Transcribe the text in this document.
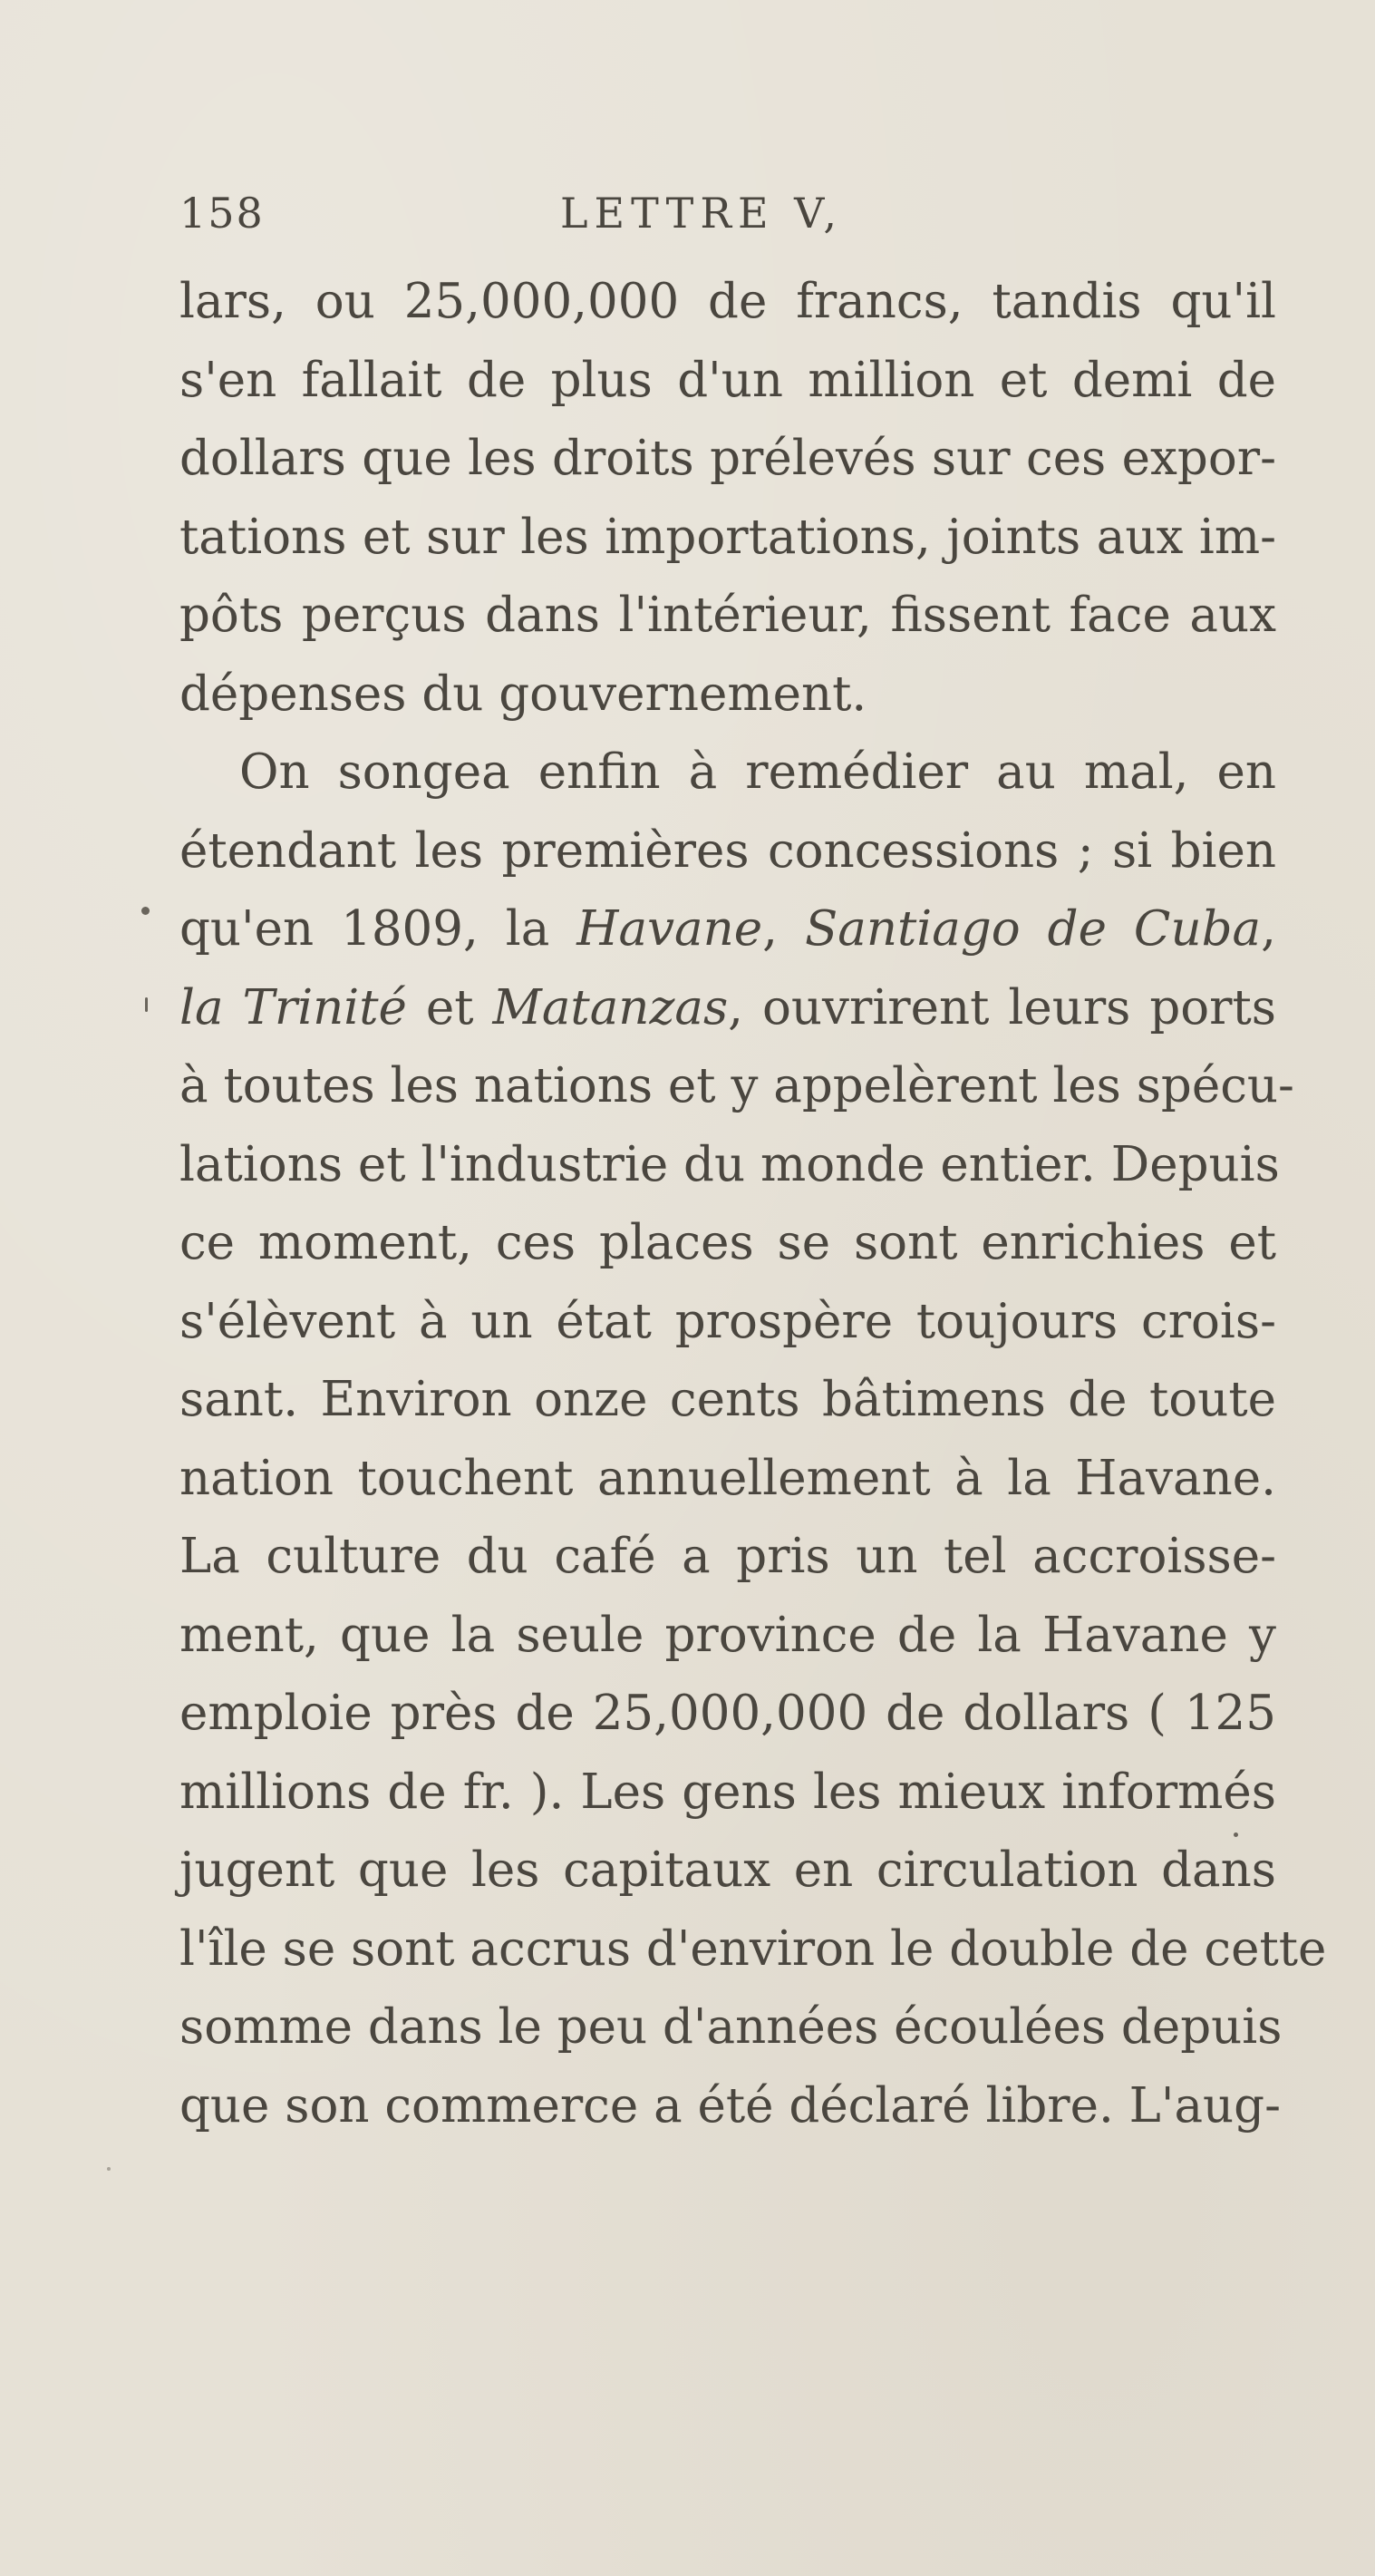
158	LETTRE V,
lars, ou 25,000,000 de francs, tandis qu'il
s'en fallait de plus d'un million et demi de
dollars que les droits prélevés sur ces expor-
tations et sur les importations, joints aux im-
pôts perçus dans l'intérieur, fissent face aux
dépenses du gouvernement.
On songea enfin à remédier au mal, en
étendant les premières concessions ; si bien
qu'en 1809, la Havane, Santiago de Cuba,
la Trinité et Matanzas, ouvrirent leurs ports
à toutes les nations et y appelèrent les spécu-
lations et l'industrie du monde entier. Depuis
ce moment, ces places se sont enrichies et
s'élèvent à un état prospère toujours crois-
sant. Environ onze cents bâtimens de toute
nation touchent annuellement à la Havane.
La culture du café a pris un tel accroisse-
ment, que la seule province de la Havane y
emploie près de 25,000,000 de dollars ( 125
millions de fr. ). Les gens les mieux informés
jugent que les capitaux en circulation dans
l'île se sont accrus d'environ le double de cette
somme dans le peu d'années écoulées depuis
que son commerce a été déclaré libre. L'aug-
